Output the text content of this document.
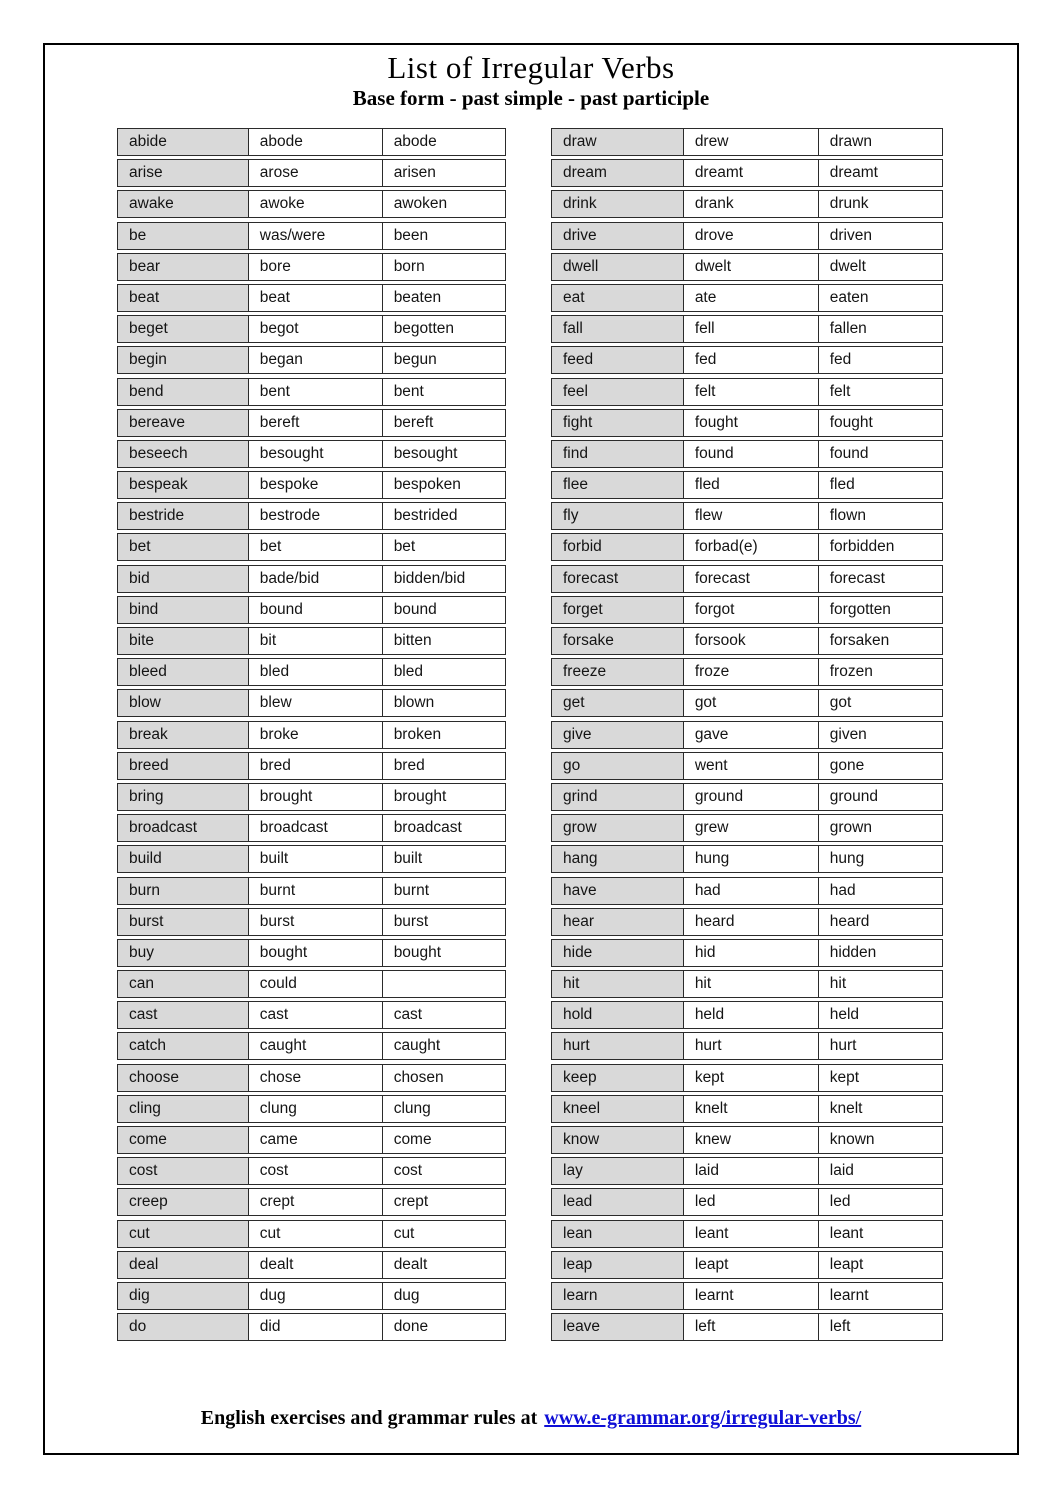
List of Irregular Verbs
Base form - past simple - past participle
abide	abode	abode
arise	arose	arisen
awake	awoke	awoken
be	was/were	been
bear	bore	born
beat	beat	beaten
beget	begot	begotten
begin	began	begun
bend	bent	bent
bereave	bereft	bereft
beseech	besought	besought
bespeak	bespoke	bespoken
bestride	bestrode	bestrided
bet	bet	bet
bid	bade/bid	bidden/bid
bind	bound	bound
bite	bit	bitten
bleed	bled	bled
blow	blew	blown
break	broke	broken
breed	bred	bred
bring	brought	brought
broadcast	broadcast	broadcast
build	built	built
burn	burnt	burnt
burst	burst	burst
buy	bought	bought
can	could
cast	cast	cast
catch	caught	caught
choose	chose	chosen
cling	clung	clung
come	came	come
cost	cost	cost
creep	crept	crept
cut	cut	cut
deal	dealt	dealt
dig	dug	dug
do	did	done
draw	drew	drawn
dream	dreamt	dreamt
drink	drank	drunk
drive	drove	driven
dwell	dwelt	dwelt
eat	ate	eaten
fall	fell	fallen
feed	fed	fed
feel	felt	felt
fight	fought	fought
find	found	found
flee	fled	fled
fly	flew	flown
forbid	forbad(e)	forbidden
forecast	forecast	forecast
forget	forgot	forgotten
forsake	forsook	forsaken
freeze	froze	frozen
get	got	got
give	gave	given
go	went	gone
grind	ground	ground
grow	grew	grown
hang	hung	hung
have	had	had
hear	heard	heard
hide	hid	hidden
hit	hit	hit
hold	held	held
hurt	hurt	hurt
keep	kept	kept
kneel	knelt	knelt
know	knew	known
lay	laid	laid
lead	led	led
lean	leant	leant
leap	leapt	leapt
learn	learnt	learnt
leave	left	left
English exercises and grammar rules at www.e-grammar.org/irregular-verbs/
